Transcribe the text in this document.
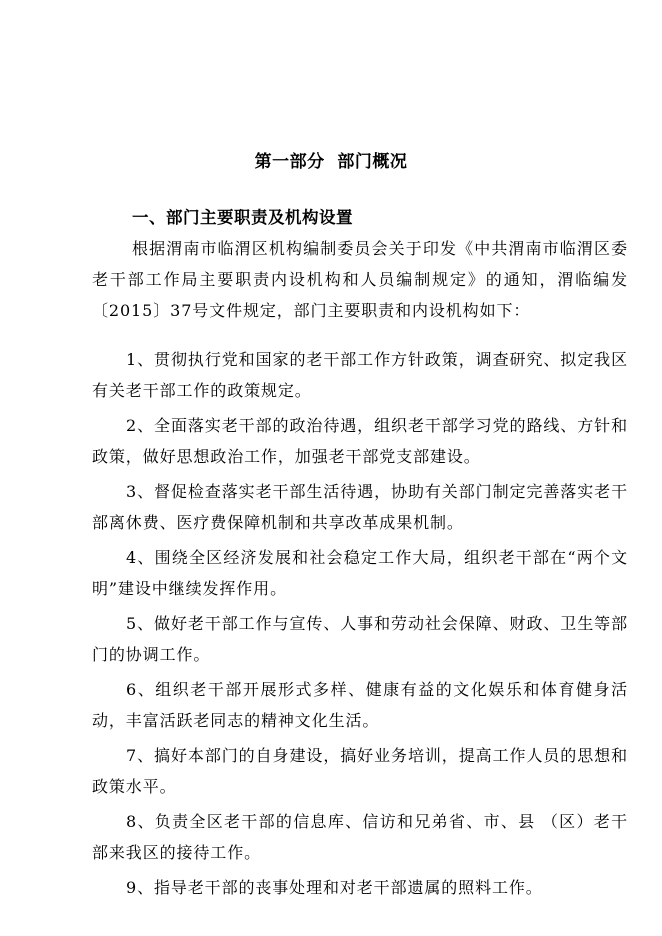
第一部分  部门概况
一、部门主要职责及机构设置
根据渭南市临渭区机构编制委员会关于印发《中共渭南市临渭区委老干部工作局主要职责内设机构和人员编制规定》的通知，渭临编发〔2015〕37号文件规定，部门主要职责和内设机构如下：
1、贯彻执行党和国家的老干部工作方针政策，调查研究、拟定我区有关老干部工作的政策规定。
2、全面落实老干部的政治待遇，组织老干部学习党的路线、方针和政策，做好思想政治工作，加强老干部党支部建设。
3、督促检查落实老干部生活待遇，协助有关部门制定完善落实老干部离休费、医疗费保障机制和共享改革成果机制。
4、围绕全区经济发展和社会稳定工作大局，组织老干部在“两个文明”建设中继续发挥作用。
5、做好老干部工作与宣传、人事和劳动社会保障、财政、卫生等部门的协调工作。
6、组织老干部开展形式多样、健康有益的文化娱乐和体育健身活动，丰富活跃老同志的精神文化生活。
7、搞好本部门的自身建设，搞好业务培训，提高工作人员的思想和政策水平。
8、负责全区老干部的信息库、信访和兄弟省、市、县 （区）老干部来我区的接待工作。
9、指导老干部的丧事处理和对老干部遗属的照料工作。
